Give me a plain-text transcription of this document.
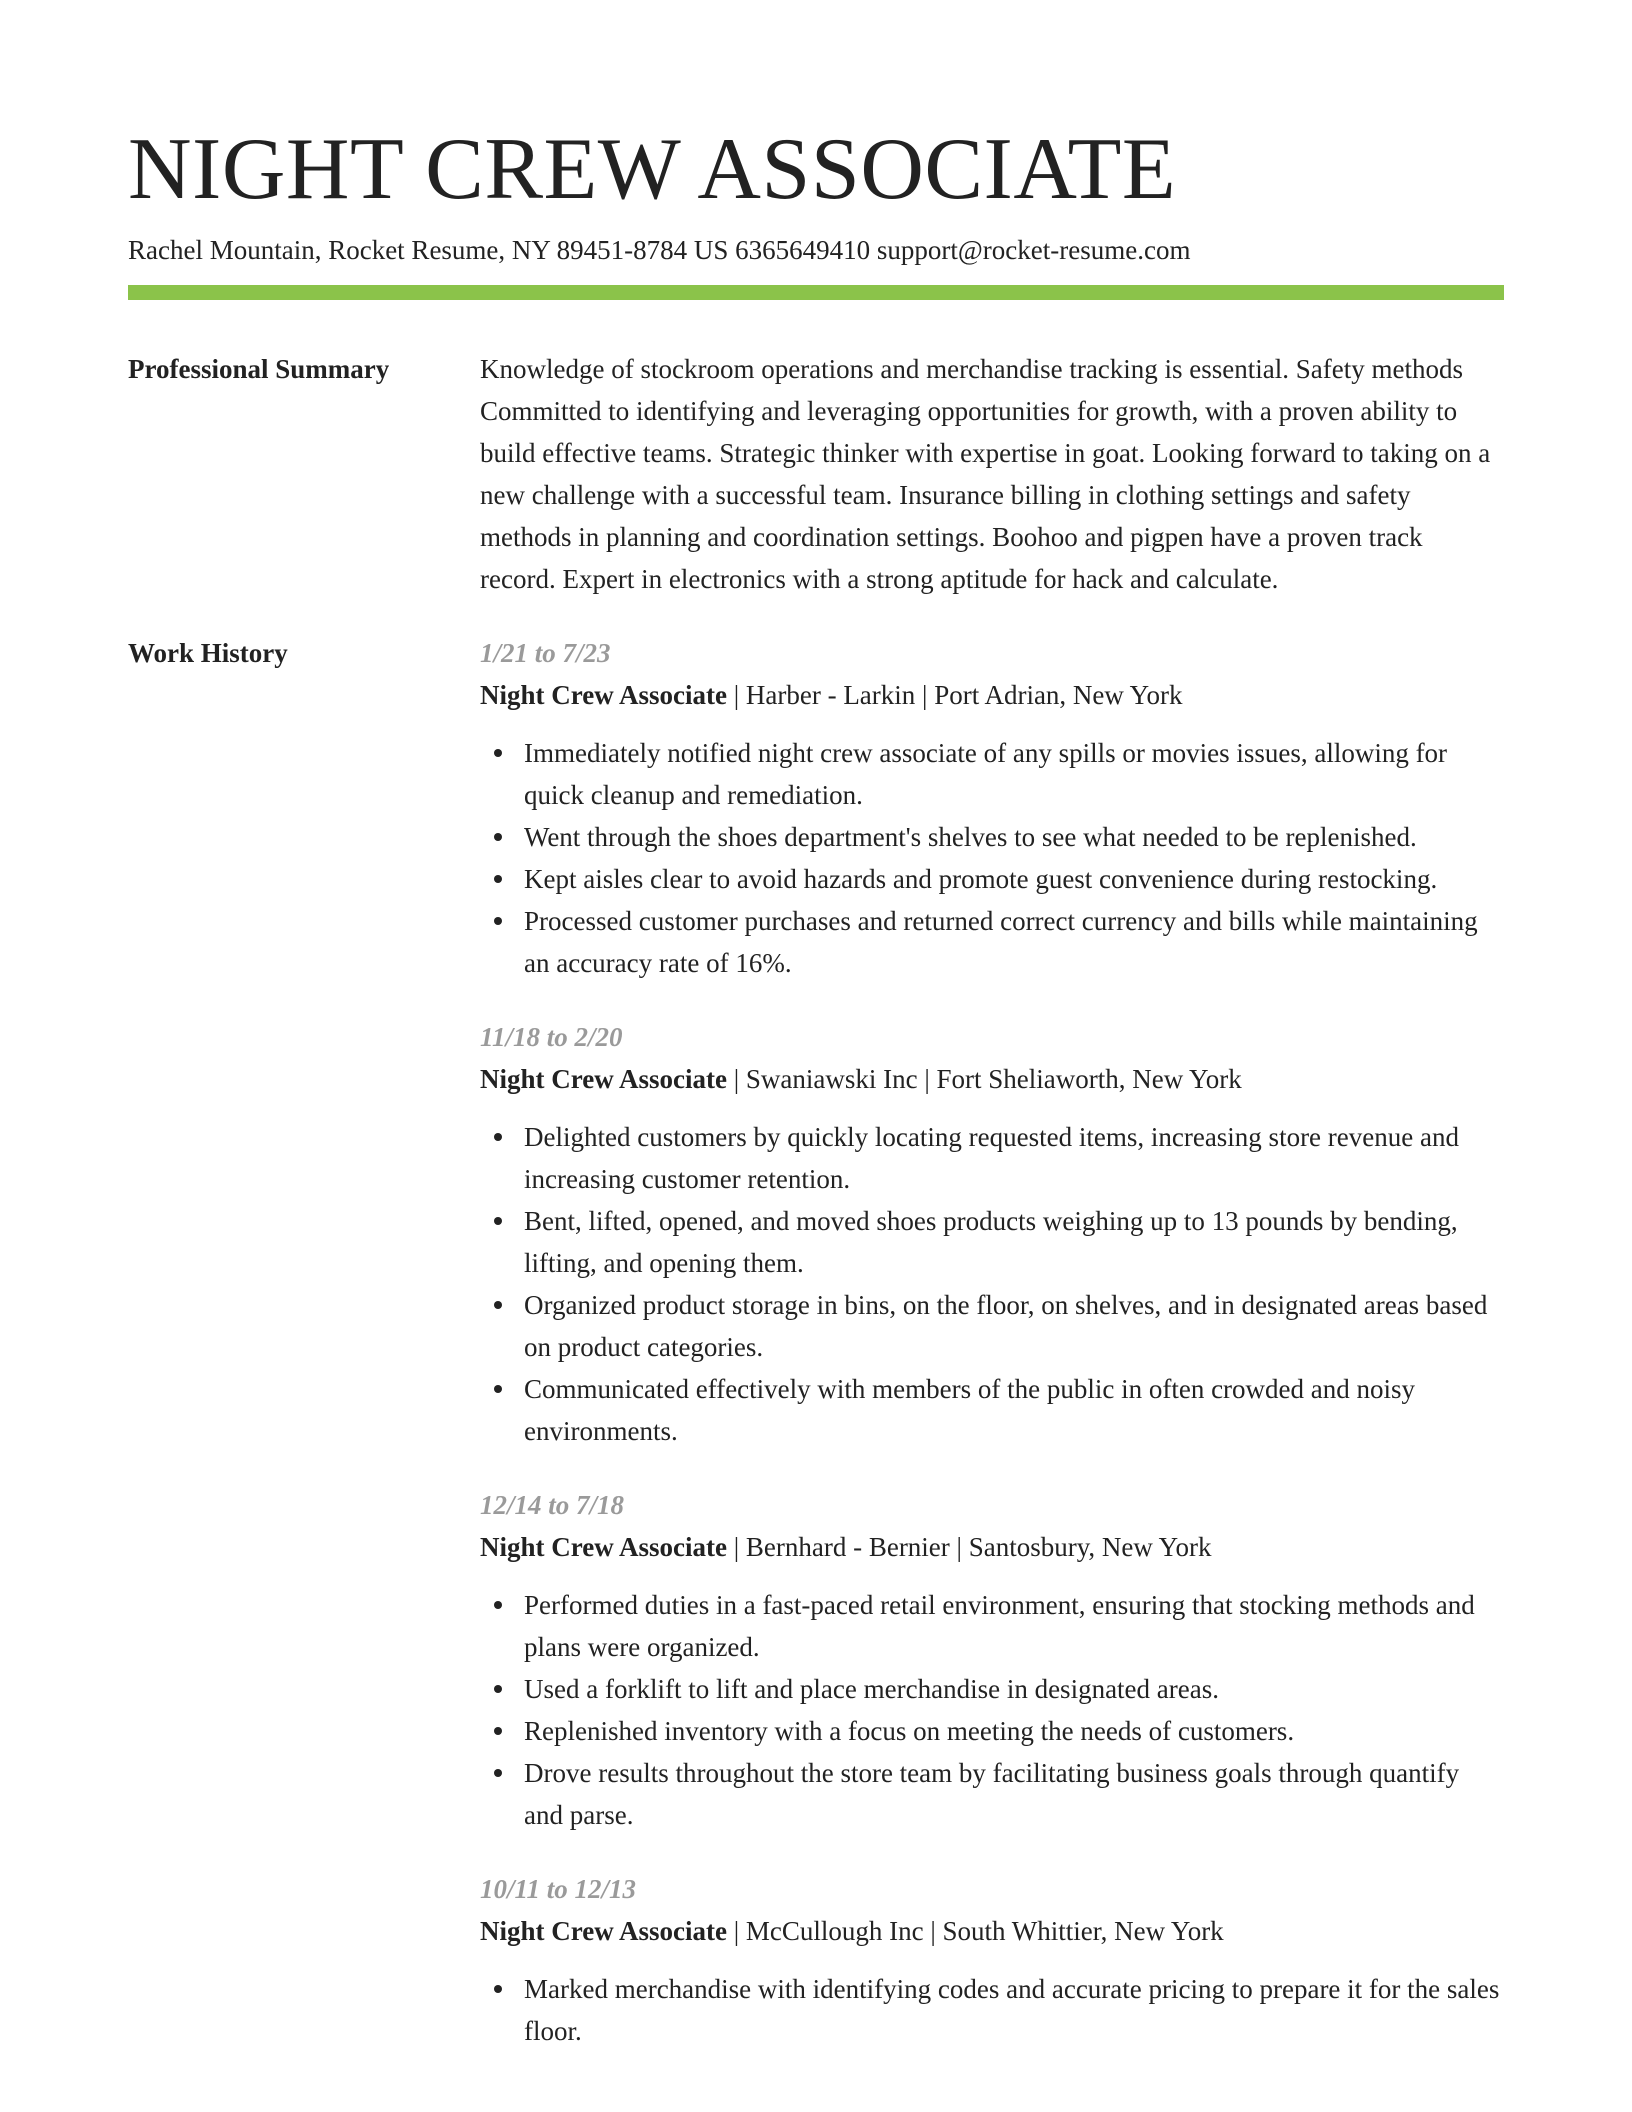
NIGHT CREW ASSOCIATE
Rachel Mountain, Rocket Resume, NY 89451-8784 US 6365649410 support@rocket-resume.com
Professional Summary	Knowledge of stockroom operations and merchandise tracking is essential. Safety methods Committed to identifying and leveraging opportunities for growth, with a proven ability to build effective teams. Strategic thinker with expertise in goat. Looking forward to taking on a new challenge with a successful team. Insurance billing in clothing settings and safety methods in planning and coordination settings. Boohoo and pigpen have a proven track record. Expert in electronics with a strong aptitude for hack and calculate.

Work History	1/21 to 7/23
Night Crew Associate | Harber - Larkin | Port Adrian, New York
Immediately notified night crew associate of any spills or movies issues, allowing for quick cleanup and remediation.
Went through the shoes department's shelves to see what needed to be replenished.
Kept aisles clear to avoid hazards and promote guest convenience during restocking.
Processed customer purchases and returned correct currency and bills while maintaining an accuracy rate of 16%.
11/18 to 2/20
Night Crew Associate | Swaniawski Inc | Fort Sheliaworth, New York
Delighted customers by quickly locating requested items, increasing store revenue and increasing customer retention.
Bent, lifted, opened, and moved shoes products weighing up to 13 pounds by bending, lifting, and opening them.
Organized product storage in bins, on the floor, on shelves, and in designated areas based on product categories.
Communicated effectively with members of the public in often crowded and noisy environments.
12/14 to 7/18
Night Crew Associate | Bernhard - Bernier | Santosbury, New York
Performed duties in a fast-paced retail environment, ensuring that stocking methods and plans were organized.
Used a forklift to lift and place merchandise in designated areas.
Replenished inventory with a focus on meeting the needs of customers.
Drove results throughout the store team by facilitating business goals through quantify and parse.
10/11 to 12/13
Night Crew Associate | McCullough Inc | South Whittier, New York
Marked merchandise with identifying codes and accurate pricing to prepare it for the sales floor.
